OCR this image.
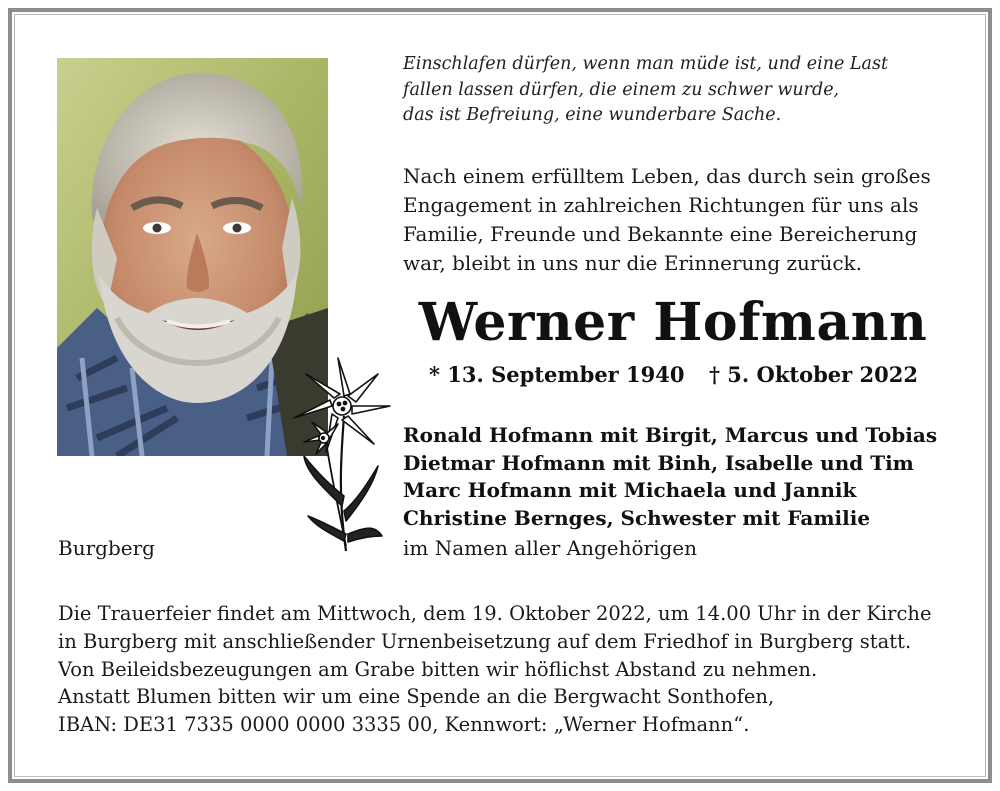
Einschlafen dürfen, wenn man müde ist, und eine Last
fallen lassen dürfen, die einem zu schwer wurde,
das ist Befreiung, eine wunderbare Sache.
Nach einem erfülltem Leben, das durch sein großes
Engagement in zahlreichen Richtungen für uns als
Familie, Freunde und Bekannte eine Bereicherung
war, bleibt in uns nur die Erinnerung zurück.
Werner Hofmann
* 13. September 1940 † 5. Oktober 2022
Ronald Hofmann mit Birgit, Marcus und Tobias
Dietmar Hofmann mit Binh, Isabelle und Tim
Marc Hofmann mit Michaela und Jannik
Christine Bernges, Schwester mit Familie
im Namen aller Angehörigen
Burgberg
Die Trauerfeier findet am Mittwoch, dem 19. Oktober 2022, um 14.00 Uhr in der Kirche
in Burgberg mit anschließender Urnenbeisetzung auf dem Friedhof in Burgberg statt.
Von Beileidsbezeugungen am Grabe bitten wir höflichst Abstand zu nehmen.
Anstatt Blumen bitten wir um eine Spende an die Bergwacht Sonthofen,
IBAN: DE31 7335 0000 0000 3335 00, Kennwort: „Werner Hofmann“.
